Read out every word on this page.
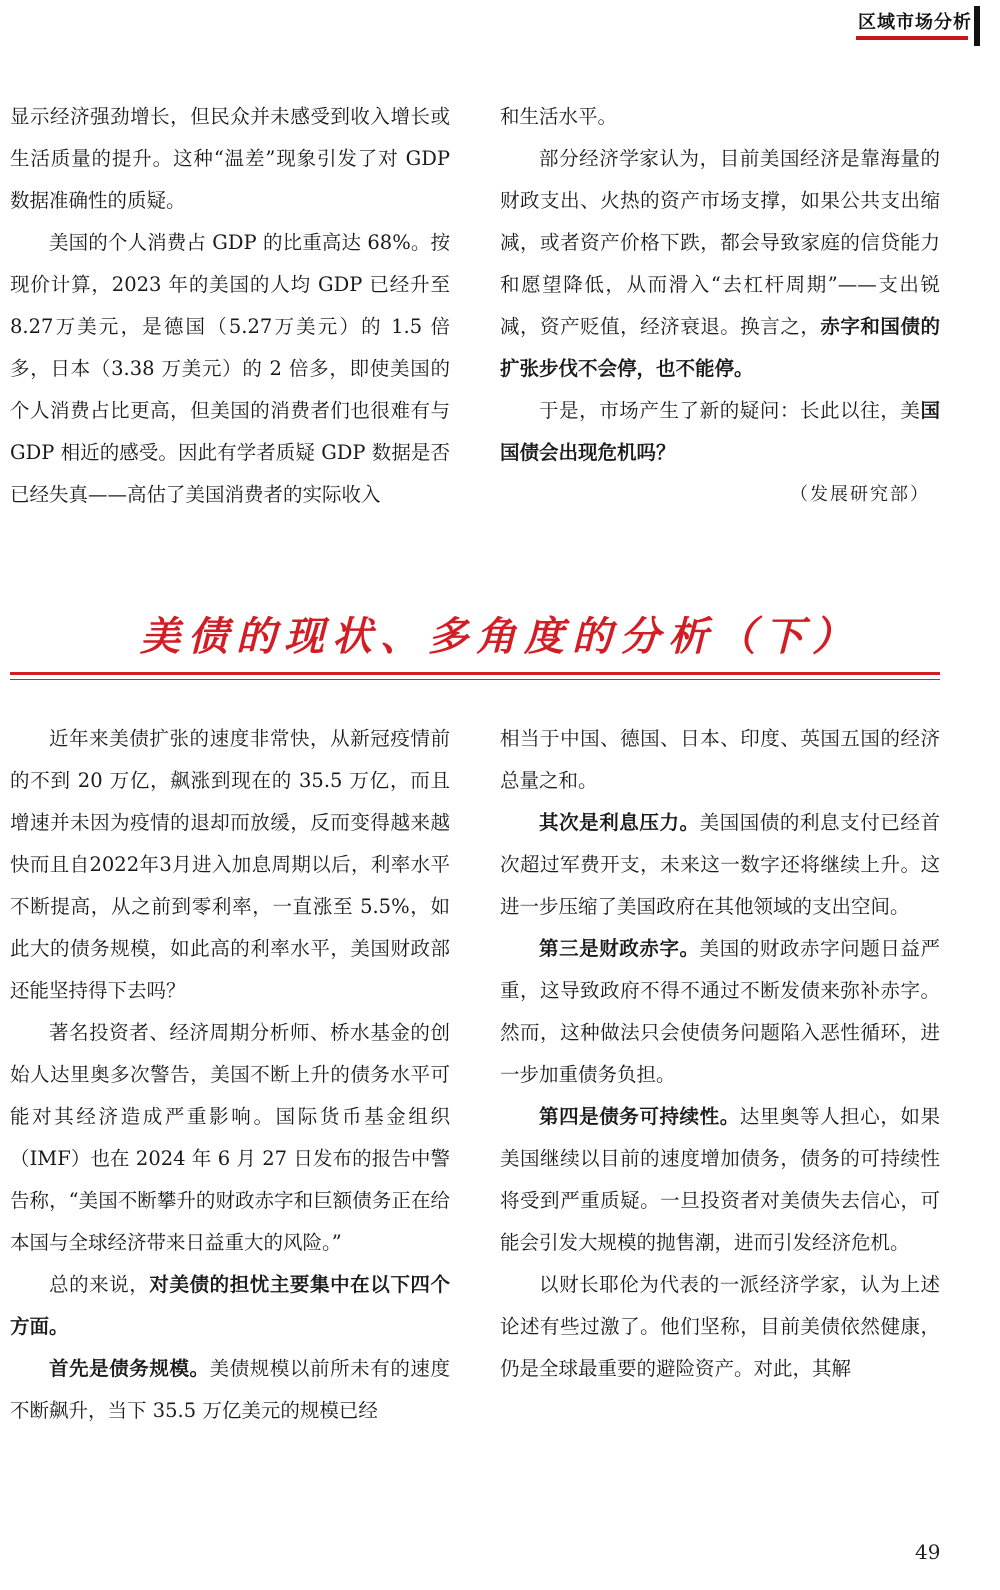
区域市场分析

显示经济强劲增长，但民众并未感受到收入增长或生活质量的提升。这种“温差”现象引发了对 GDP 数据准确性的质疑。

美国的个人消费占 GDP 的比重高达 68%。按现价计算，2023 年的美国的人均 GDP 已经升至 8.27万美元，是德国（5.27万美元）的 1.5 倍多，日本（3.38 万美元）的 2 倍多，即使美国的个人消费占比更高，但美国的消费者们也很难有与 GDP 相近的感受。因此有学者质疑 GDP 数据是否已经失真——高估了美国消费者的实际收入

和生活水平。

部分经济学家认为，目前美国经济是靠海量的财政支出、火热的资产市场支撑，如果公共支出缩减，或者资产价格下跌，都会导致家庭的信贷能力和愿望降低，从而滑入“去杠杆周期”——支出锐减，资产贬值，经济衰退。换言之，赤字和国债的扩张步伐不会停，也不能停。

于是，市场产生了新的疑问：长此以往，美国国债会出现危机吗？

（发展研究部）
美债的现状、多角度的分析（下）

近年来美债扩张的速度非常快，从新冠疫情前的不到 20 万亿，飙涨到现在的 35.5 万亿，而且增速并未因为疫情的退却而放缓，反而变得越来越快而且自2022年3月进入加息周期以后，利率水平不断提高，从之前到零利率，一直涨至 5.5%，如此大的债务规模，如此高的利率水平，美国财政部还能坚持得下去吗？

著名投资者、经济周期分析师、桥水基金的创始人达里奥多次警告，美国不断上升的债务水平可能对其经济造成严重影响。国际货币基金组织（IMF）也在 2024 年 6 月 27 日发布的报告中警告称，“美国不断攀升的财政赤字和巨额债务正在给本国与全球经济带来日益重大的风险。”

总的来说，对美债的担忧主要集中在以下四个方面。

首先是债务规模。美债规模以前所未有的速度不断飙升，当下 35.5 万亿美元的规模已经

相当于中国、德国、日本、印度、英国五国的经济总量之和。

其次是利息压力。美国国债的利息支付已经首次超过军费开支，未来这一数字还将继续上升。这进一步压缩了美国政府在其他领域的支出空间。

第三是财政赤字。美国的财政赤字问题日益严重，这导致政府不得不通过不断发债来弥补赤字。然而，这种做法只会使债务问题陷入恶性循环，进一步加重债务负担。

第四是债务可持续性。达里奥等人担心，如果美国继续以目前的速度增加债务，债务的可持续性将受到严重质疑。一旦投资者对美债失去信心，可能会引发大规模的抛售潮，进而引发经济危机。

以财长耶伦为代表的一派经济学家，认为上述论述有些过激了。他们坚称，目前美债依然健康，仍是全球最重要的避险资产。对此，其解

49
